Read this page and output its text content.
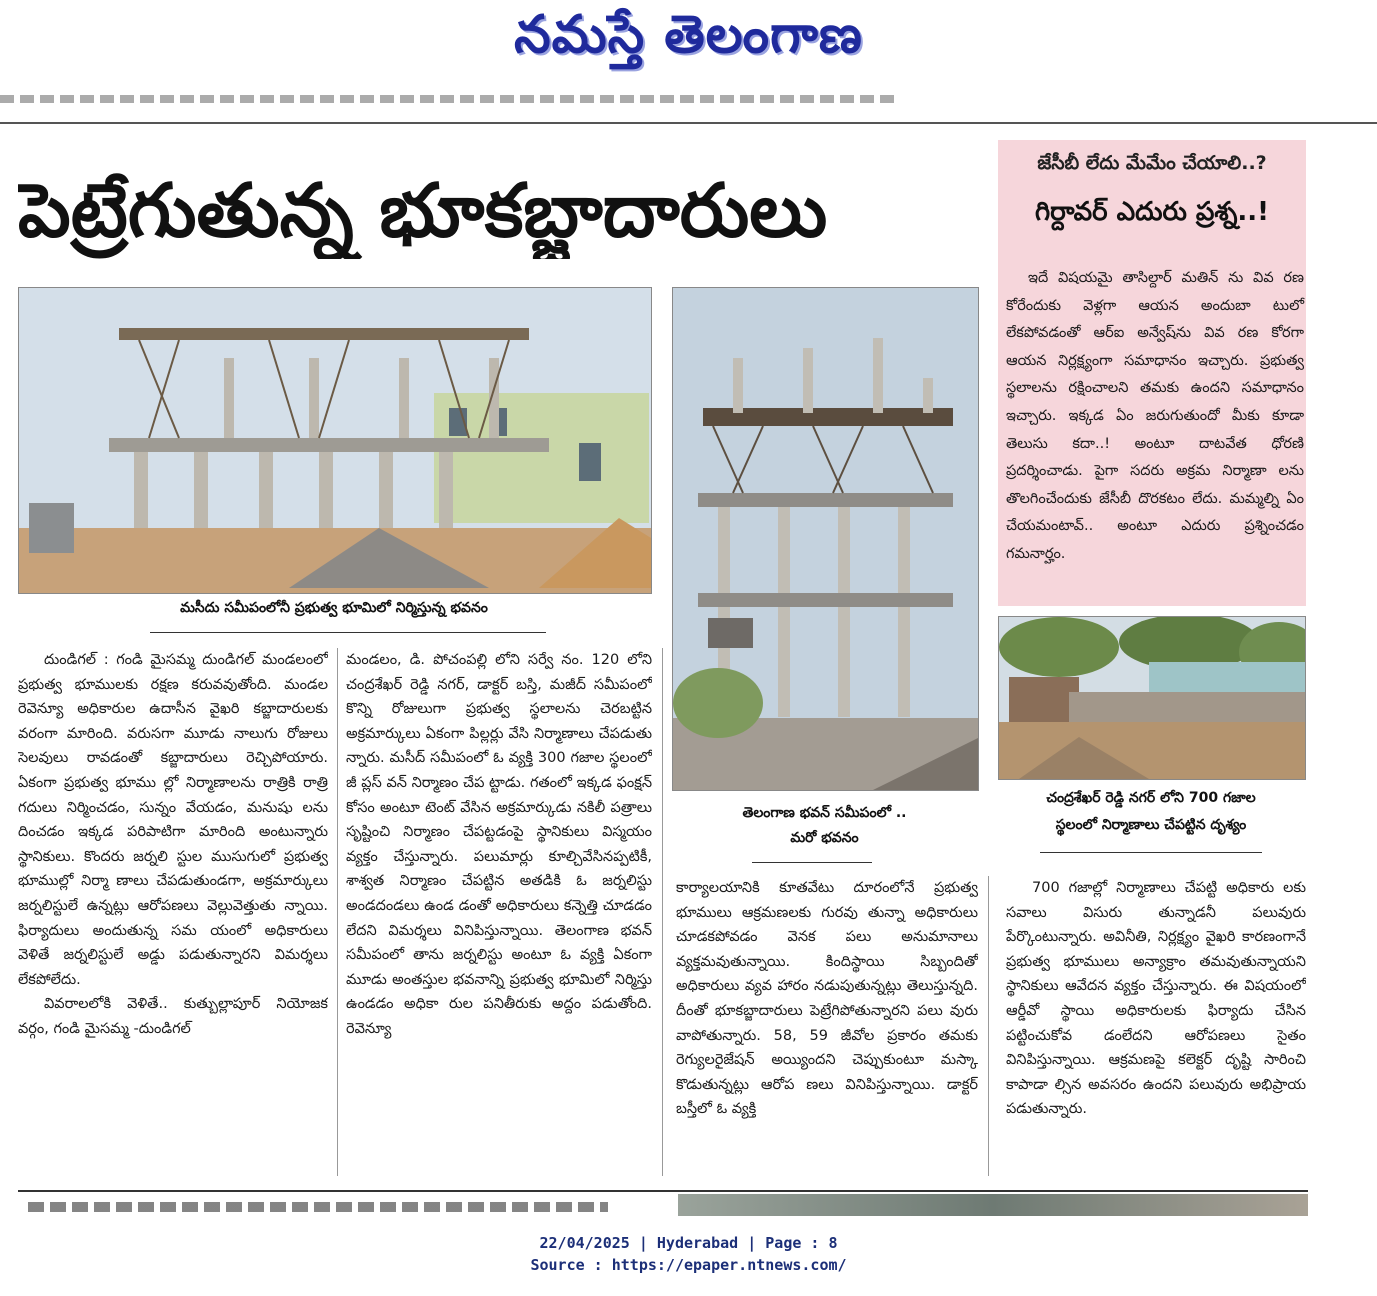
నమస్తే తెలంగాణ
పెట్రేగుతున్న భూకబ్జాదారులు
మసీదు సమీపంలోనీ ప్రభుత్వ భూమిలో నిర్మిస్తున్న భవనం
తెలంగాణ భవన్ సమీపంలో ..
మరో భవనం
జేసీబీ లేదు మేమేం చేయాలి..?
గిర్దావర్ ఎదురు ప్రశ్న..!

ఇదే విషయమై తాసిల్దార్ మతిన్ ను వివ రణ కోరేందుకు వెళ్లగా ఆయన అందుబా టులో లేకపోవడంతో ఆర్ఐ అన్వేష్‌ను వివ రణ కోరగా ఆయన నిర్లక్ష్యంగా సమాధానం ఇచ్చారు. ప్రభుత్వ స్థలాలను రక్షించాలని తమకు ఉందని సమాధానం ఇచ్చారు. ఇక్కడ ఏం జరుగుతుందో మీకు కూడా తెలుసు కదా..! అంటూ దాటవేత ధోరణి ప్రదర్శించాడు. పైగా సదరు అక్రమ నిర్మాణా లను తొలగించేందుకు జేసీబీ దొరకటం లేదు. మమ్మల్ని ఏం చేయమంటావ్.. అంటూ ఎదురు ప్రశ్నించడం గమనార్హం.

చంద్రశేఖర్ రెడ్డి నగర్ లోని 700 గజాల
స్థలంలో నిర్మాణాలు చేపట్టిన దృశ్యం

దుండిగల్ : గండి మైసమ్మ దుండిగల్ మండలంలో ప్రభుత్వ భూములకు రక్షణ కరువవుతోంది. మండల రెవెన్యూ అధికారుల ఉదాసీన వైఖరి కబ్జాదారులకు వరంగా మారింది. వరుసగా మూడు నాలుగు రోజులు సెలవులు రావడంతో కబ్జాదారులు రెచ్చిపోయారు. ఏకంగా ప్రభుత్వ భూము ల్లో నిర్మాణాలను రాత్రికి రాత్రి గదులు నిర్మించడం, సున్నం వేయడం, మనుషు లను దించడం ఇక్కడ పరిపాటిగా మారింది అంటున్నారు స్థానికులు. కొందరు జర్నలి స్టుల ముసుగులో ప్రభుత్వ భూముల్లో నిర్మా ణాలు చేపడుతుండగా, అక్రమార్కులు జర్నలిస్టులే ఉన్నట్లు ఆరోపణలు వెల్లువెత్తుతు న్నాయి. ఫిర్యాదులు అందుతున్న సమ యంలో అధికారులు వెళితే జర్నలిస్టులే అడ్డు పడుతున్నారని విమర్శలు లేకపోలేదు.

వివరాలలోకి వెళితే.. కుత్బుల్లాపూర్ నియోజక వర్గం, గండి మైసమ్మ -దుండిగల్

మండలం, డి. పోచంపల్లి లోని సర్వే నం. 120 లోని చంద్రశేఖర్ రెడ్డి నగర్, డాక్టర్ బస్తి, మజీద్ సమీపంలో కొన్ని రోజులుగా ప్రభుత్వ స్థలాలను చెరబట్టిన అక్రమార్కులు ఏకంగా పిల్లర్లు వేసి నిర్మాణాలు చేపడుతు న్నారు. మసీద్ సమీపంలో ఓ వ్యక్తి 300 గజాల స్థలంలో జీ ప్లస్ వన్ నిర్మాణం చేప ట్టాడు. గతంలో ఇక్కడ ఫంక్షన్ కోసం అంటూ టెంట్ వేసిన అక్రమార్కుడు నకిలీ పత్రాలు సృష్టించి నిర్మాణం చేపట్టడంపై స్థానికులు విస్మయం వ్యక్తం చేస్తున్నారు. పలుమార్లు కూల్చివేసినప్పటికీ, శాశ్వత నిర్మాణం చేపట్టిన అతడికి ఓ జర్నలిస్టు అండదండలు ఉండ డంతో అధికారులు కన్నెత్తి చూడడం లేదని విమర్శలు వినిపిస్తున్నాయి. తెలంగాణ భవన్ సమీపంలో తాను జర్నలిస్టు అంటూ ఓ వ్యక్తి ఏకంగా మూడు అంతస్తుల భవనాన్ని ప్రభుత్వ భూమిలో నిర్మిస్తు ఉండడం అధికా రుల పనితీరుకు అద్దం పడుతోంది. రెవెన్యూ

కార్యాలయానికి కూతవేటు దూరంలోనే ప్రభుత్వ భూములు ఆక్రమణలకు గురవు తున్నా అధికారులు చూడకపోవడం వెనక పలు అనుమానాలు వ్యక్తమవుతున్నాయి. కిందిస్థాయి సిబ్బందితో అధికారులు వ్యవ హారం నడుపుతున్నట్లు తెలుస్తున్నది. దీంతో భూకబ్జాదారులు పెట్రేగిపోతున్నారని పలు వురు వాపోతున్నారు. 58, 59 జీవోల ప్రకారం తమకు రెగ్యులరైజేషన్ అయ్యిందని చెప్పుకుంటూ మస్కా కొడుతున్నట్లు ఆరోప ణలు వినిపిస్తున్నాయి. డాక్టర్ బస్తీలో ఓ వ్యక్తి

700 గజాల్లో నిర్మాణాలు చేపట్టి అధికారు లకు సవాలు విసురు తున్నాడనీ పలువురు పేర్కొంటున్నారు. అవినీతి, నిర్లక్ష్యం వైఖరి కారణంగానే ప్రభుత్వ భూములు అన్యాక్రాం తమవుతున్నాయని స్థానికులు ఆవేదన వ్యక్తం చేస్తున్నారు. ఈ విషయంలో ఆర్డీవో స్థాయి అధికారులకు ఫిర్యాదు చేసిన పట్టించుకోవ డంలేదని ఆరోపణలు సైతం వినిపిస్తున్నాయి. ఆక్రమణపై కలెక్టర్ దృష్టి సారించి కాపాడా ల్సిన అవసరం ఉందని పలువురు అభిప్రాయ పడుతున్నారు.

22/04/2025 | Hyderabad | Page : 8
Source : https://epaper.ntnews.com/
